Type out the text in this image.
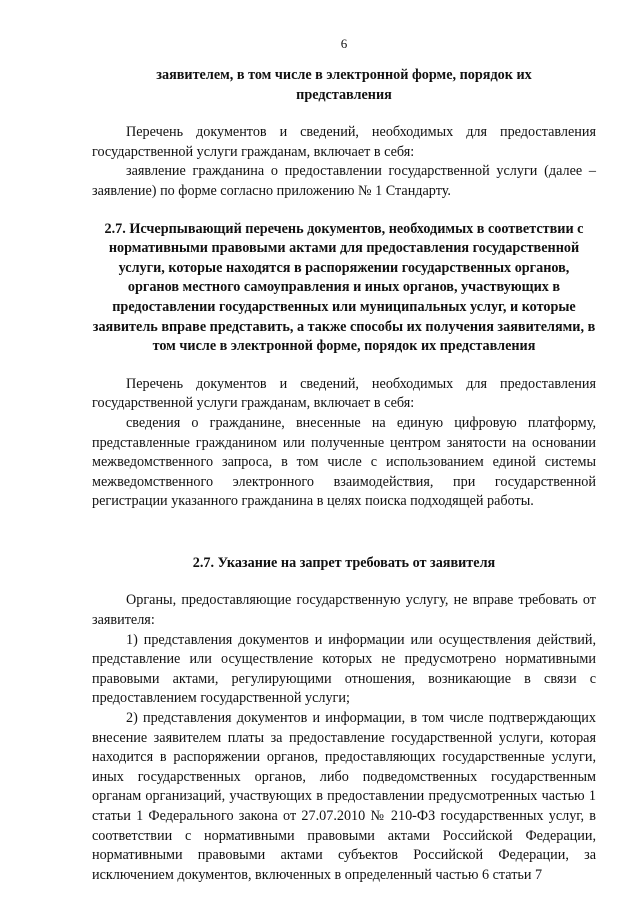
6
заявителем, в том числе в электронной форме, порядок их представления

Перечень документов и сведений, необходимых для предоставления государственной услуги гражданам, включает в себя:

заявление гражданина о предоставлении государственной услуги (далее – заявление) по форме согласно приложению № 1 Стандарту.

2.7. Исчерпывающий перечень документов, необходимых в соответствии с нормативными правовыми актами для предоставления государственной услуги, которые находятся в распоряжении государственных органов, органов местного самоуправления и иных органов, участвующих в предоставлении государственных или муниципальных услуг, и которые заявитель вправе представить, а также способы их получения заявителями, в том числе в электронной форме, порядок их представления

Перечень документов и сведений, необходимых для предоставления государственной услуги гражданам, включает в себя:

сведения о гражданине, внесенные на единую цифровую платформу, представленные гражданином или полученные центром занятости на основании межведомственного запроса, в том числе с использованием единой системы межведомственного электронного взаимодействия, при государственной регистрации указанного гражданина в целях поиска подходящей работы.

2.7. Указание на запрет требовать от заявителя

Органы, предоставляющие государственную услугу, не вправе требовать от заявителя:

1) представления документов и информации или осуществления действий, представление или осуществление которых не предусмотрено нормативными правовыми актами, регулирующими отношения, возникающие в связи с предоставлением государственной услуги;

2) представления документов и информации, в том числе подтверждающих внесение заявителем платы за предоставление государственной услуги, которая находится в распоряжении органов, предоставляющих государственные услуги, иных государственных органов, либо подведомственных государственным органам организаций, участвующих в предоставлении предусмотренных частью 1 статьи 1 Федерального закона от 27.07.2010 № 210-ФЗ государственных услуг, в соответствии с нормативными правовыми актами Российской Федерации, нормативными правовыми актами субъектов Российской Федерации, за исключением документов, включенных в определенный частью 6 статьи 7
